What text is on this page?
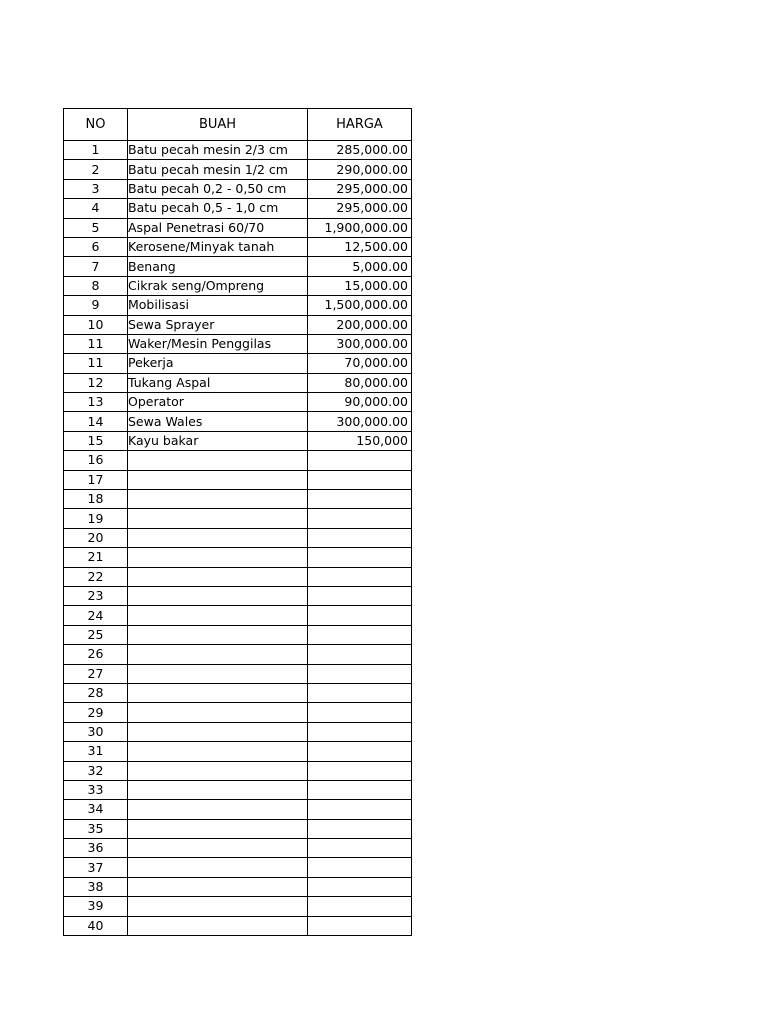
NO	BUAH	HARGA
1	Batu pecah mesin 2/3 cm	285,000.00
2	Batu pecah mesin 1/2 cm	290,000.00
3	Batu pecah 0,2 - 0,50 cm	295,000.00
4	Batu pecah 0,5 - 1,0 cm	295,000.00
5	Aspal Penetrasi 60/70	1,900,000.00
6	Kerosene/Minyak tanah	12,500.00
7	Benang	5,000.00
8	Cikrak seng/Ompreng	15,000.00
9	Mobilisasi	1,500,000.00
10	Sewa Sprayer	200,000.00
11	Waker/Mesin Penggilas	300,000.00
11	Pekerja	70,000.00
12	Tukang Aspal	80,000.00
13	Operator	90,000.00
14	Sewa Wales	300,000.00
15	Kayu bakar	150,000
16		
17		
18		
19		
20		
21		
22		
23		
24		
25		
26		
27		
28		
29		
30		
31		
32		
33		
34		
35		
36		
37		
38		
39		
40		
